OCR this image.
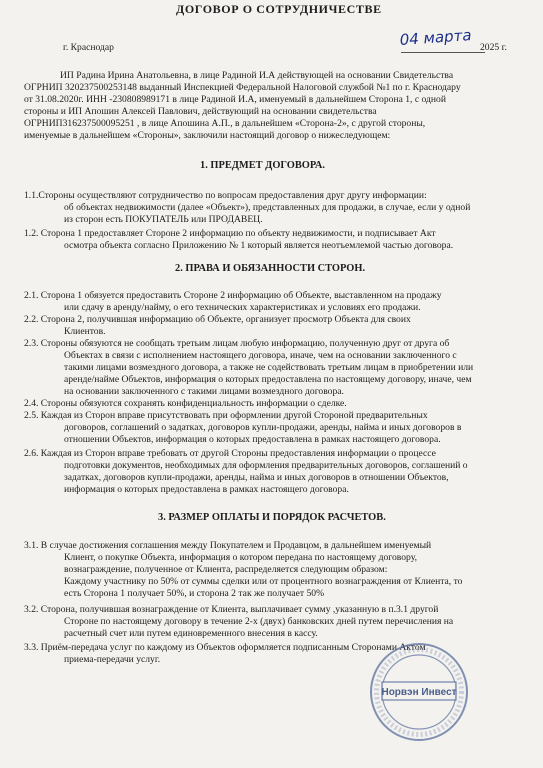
ДОГОВОР О СОТРУДНИЧЕСТВЕ
г. Краснодар	04 марта 2025 г.
ИП Радина Ирина Анатольевна, в лице Радиной И.А действующей на основании Свидетельства
ОГРНИП 320237500253148 выданный Инспекцией Федеральной Налоговой службой №1 по г. Краснодару
от 31.08.2020г. ИНН -230808989171 в лице Радиной И.А, именуемый в дальнейшем Сторона 1, с одной
стороны и ИП Апошин Алексей Павлович, действующий на основании свидетельства
ОГРНИП316237500095251 , в лице Апошина А.П., в дальнейшем «Сторона-2», с другой стороны,
именуемые в дальнейшем «Стороны», заключили настоящий договор о нижеследующем:
1. ПРЕДМЕТ ДОГОВОРА.
1.1.Стороны осуществляют сотрудничество по вопросам предоставления друг другу информации:
об объектах недвижимости (далее «Объект»), представленных для продажи, в случае, если у одной
из сторон есть ПОКУПАТЕЛЬ или ПРОДАВЕЦ.
1.2. Сторона 1 предоставляет Стороне 2 информацию по объекту недвижимости, и подписывает Акт
осмотра объекта согласно Приложению № 1 который является неотъемлемой частью договора.
2. ПРАВА И ОБЯЗАННОСТИ СТОРОН.
2.1. Сторона 1 обязуется предоставить Стороне 2 информацию об Объекте, выставленном на продажу
или сдачу в аренду/найму, о его технических характеристиках и условиях его продажи.
2.2. Сторона 2, получившая информацию об Объекте, организует просмотр Объекта для своих
Клиентов.
2.3. Стороны обязуются не сообщать третьим лицам любую информацию, полученную друг от друга об
Объектах в связи с исполнением настоящего договора, иначе, чем на основании заключенного с
такими лицами возмездного договора, а также не содействовать третьим лицам в приобретении или
аренде/найме Объектов, информация о которых предоставлена по настоящему договору, иначе, чем
на основании заключенного с такими лицами возмездного договора.
2.4. Стороны обязуются сохранять конфиденциальность информации о сделке.
2.5. Каждая из Сторон вправе присутствовать при оформлении другой Стороной предварительных
договоров, соглашений о задатках, договоров купли-продажи, аренды, найма и иных договоров в
отношении Объектов, информация о которых предоставлена в рамках настоящего договора.
2.6. Каждая из Сторон вправе требовать от другой Стороны предоставления информации о процессе
подготовки документов, необходимых для оформления предварительных договоров, соглашений о
задатках, договоров купли-продажи, аренды, найма и иных договоров в отношении Объектов,
информация о которых предоставлена в рамках настоящего договора.
3. РАЗМЕР ОПЛАТЫ И ПОРЯДОК РАСЧЕТОВ.
3.1. В случае достижения соглашения между Покупателем и Продавцом, в дальнейшем именуемый
Клиент, о покупке Объекта, информация о котором передана по настоящему договору,
вознаграждение, полученное от Клиента, распределяется следующим образом:
Каждому участнику по 50% от суммы сделки или от процентного вознаграждения от Клиента, то
есть Сторона 1 получает 50%, и сторона 2 так же получает 50%
3.2. Сторона, получившая вознаграждение от Клиента, выплачивает сумму ,указанную в п.3.1 другой
Стороне по настоящему договору в течение 2-х (двух) банковских дней путем перечисления на
расчетный счет или путем единовременного внесения в кассу.
3.3. Приём-передача услуг по каждому из Объектов оформляется подписанным Сторонами Актом
приема-передачи услуг.
Норвэн Инвест
